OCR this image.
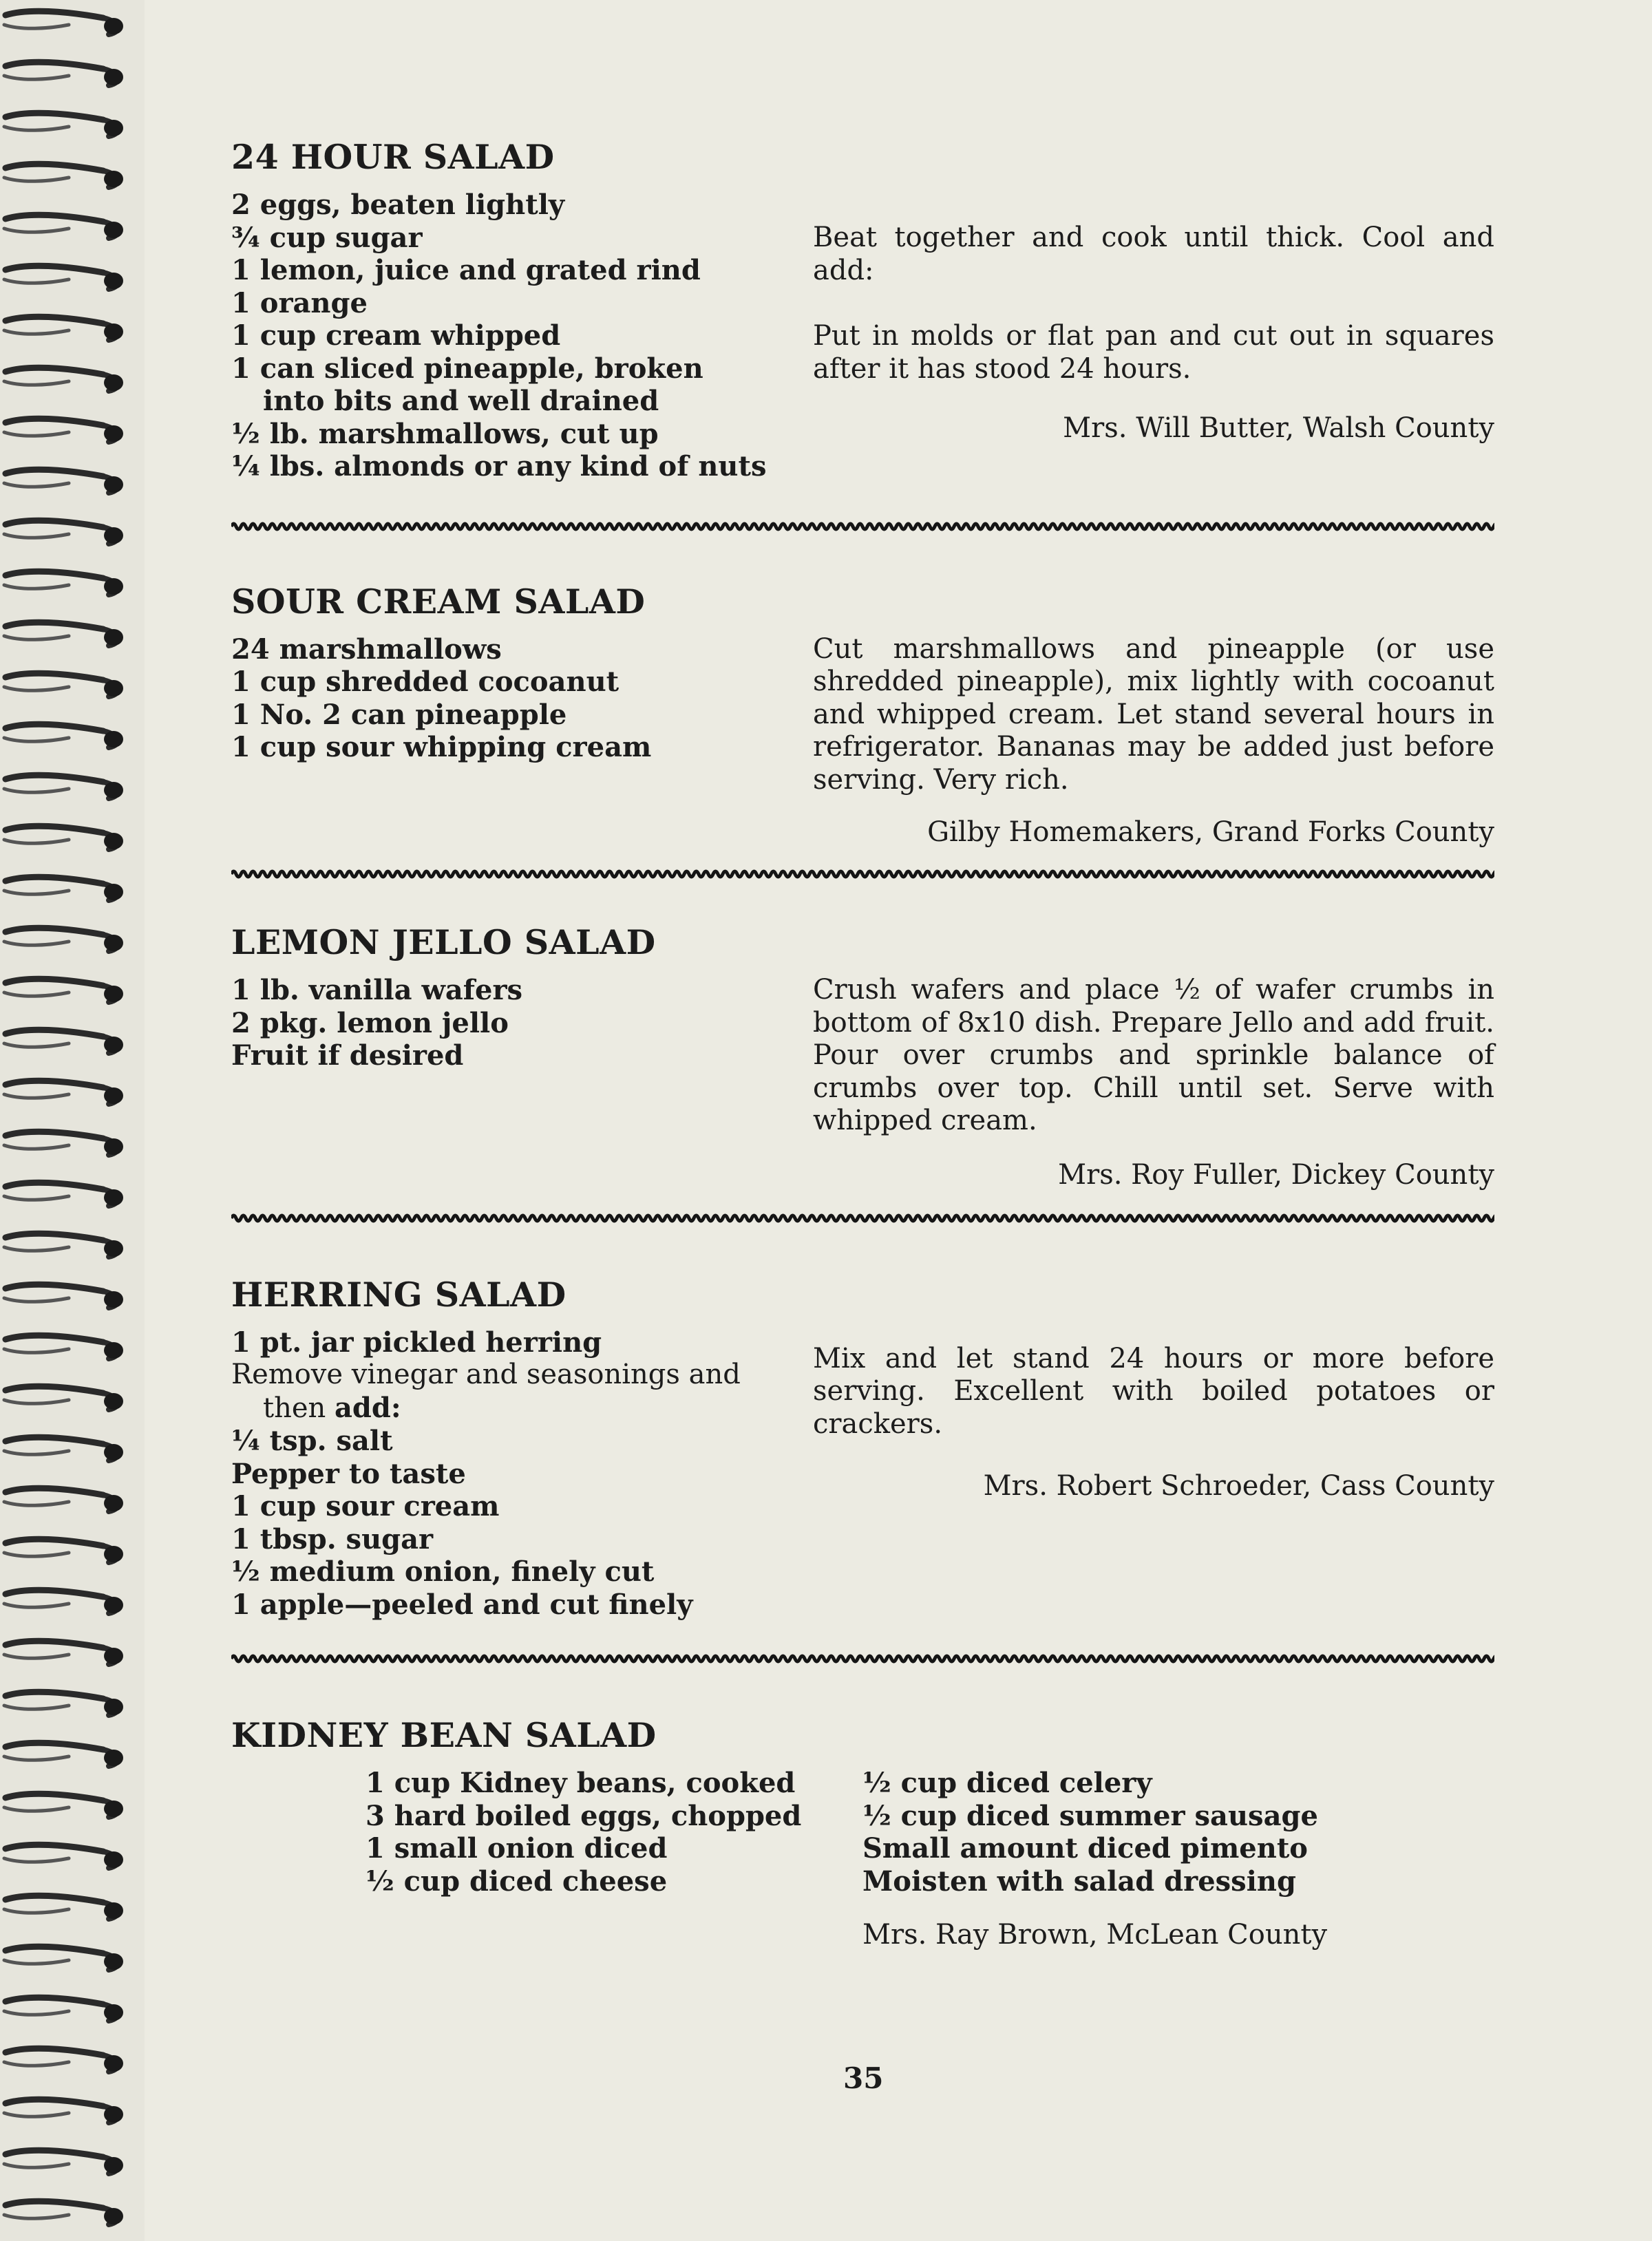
24 HOUR SALAD
2 eggs, beaten lightly
¾ cup sugar
1 lemon, juice and grated rind
1 orange
1 cup cream whipped
1 can sliced pineapple, broken into bits and well drained
½ lb. marshmallows, cut up
¼ lbs. almonds or any kind of nuts

Beat together and cook until thick. Cool and add:

Put in molds or flat pan and cut out in squares after it has stood 24 hours.

Mrs. Will Butter, Walsh County
SOUR CREAM SALAD
24 marshmallows
1 cup shredded cocoanut
1 No. 2 can pineapple
1 cup sour whipping cream

Cut marshmallows and pineapple (or use shredded pineapple), mix lightly with cocoanut and whipped cream. Let stand several hours in refrigerator. Bananas may be added just before serving. Very rich.

Gilby Homemakers, Grand Forks County
LEMON JELLO SALAD
1 lb. vanilla wafers
2 pkg. lemon jello
Fruit if desired

Crush wafers and place ½ of wafer crumbs in bottom of 8x10 dish. Prepare Jello and add fruit. Pour over crumbs and sprinkle balance of crumbs over top. Chill until set. Serve with whipped cream.

Mrs. Roy Fuller, Dickey County
HERRING SALAD
1 pt. jar pickled herring
Remove vinegar and seasonings and then add:
¼ tsp. salt
Pepper to taste
1 cup sour cream
1 tbsp. sugar
½ medium onion, finely cut
1 apple—peeled and cut finely

Mix and let stand 24 hours or more before serving. Excellent with boiled potatoes or crackers.

Mrs. Robert Schroeder, Cass County
KIDNEY BEAN SALAD
1 cup Kidney beans, cooked
3 hard boiled eggs, chopped
1 small onion diced
½ cup diced cheese
½ cup diced celery
½ cup diced summer sausage
Small amount diced pimento
Moisten with salad dressing
Mrs. Ray Brown, McLean County
35
